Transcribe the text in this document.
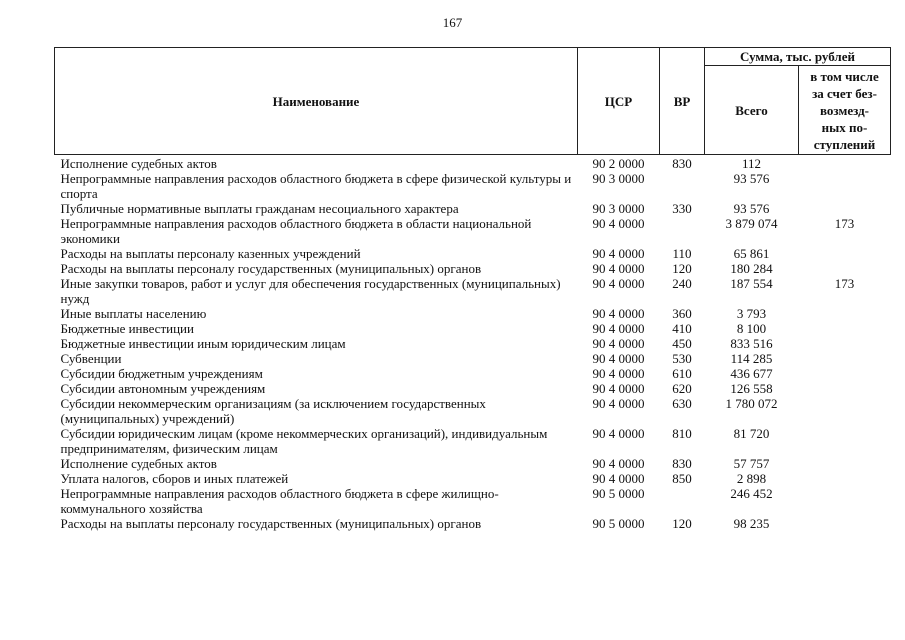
167
Наименование	ЦСР	ВР	Сумма, тыс. рублей	
			Всего	в том числе
за счет без-
возмезд-
ных по-
ступлений

Исполнение судебных актов	90 2 0000	830	112	
Непрограммные направления расходов областного бюджета в сфере физической культуры и спорта	90 3 0000		93 576	
Публичные нормативные выплаты гражданам несоциального характера	90 3 0000	330	93 576	
Непрограммные направления расходов областного бюджета в области национальной экономики	90 4 0000		3 879 074	173
Расходы на выплаты персоналу казенных учреждений	90 4 0000	110	65 861	
Расходы на выплаты персоналу государственных (муниципальных) органов	90 4 0000	120	180 284	
Иные закупки товаров, работ и услуг для обеспечения государственных (муниципальных) нужд	90 4 0000	240	187 554	173
Иные выплаты населению	90 4 0000	360	3 793	
Бюджетные инвестиции	90 4 0000	410	8 100	
Бюджетные инвестиции иным юридическим лицам	90 4 0000	450	833 516	
Субвенции	90 4 0000	530	114 285	
Субсидии бюджетным учреждениям	90 4 0000	610	436 677	
Субсидии автономным учреждениям	90 4 0000	620	126 558	
Субсидии некоммерческим организациям (за исключением государственных (муниципальных) учреждений)	90 4 0000	630	1 780 072	
Субсидии юридическим лицам (кроме некоммерческих организаций), индивидуальным предпринимателям, физическим лицам	90 4 0000	810	81 720	
Исполнение судебных актов	90 4 0000	830	57 757	
Уплата налогов, сборов и иных платежей	90 4 0000	850	2 898	
Непрограммные направления расходов областного бюджета в сфере жилищно-коммунального хозяйства	90 5 0000		246 452	
Расходы на выплаты персоналу государственных (муниципальных) органов	90 5 0000	120	98 235	
